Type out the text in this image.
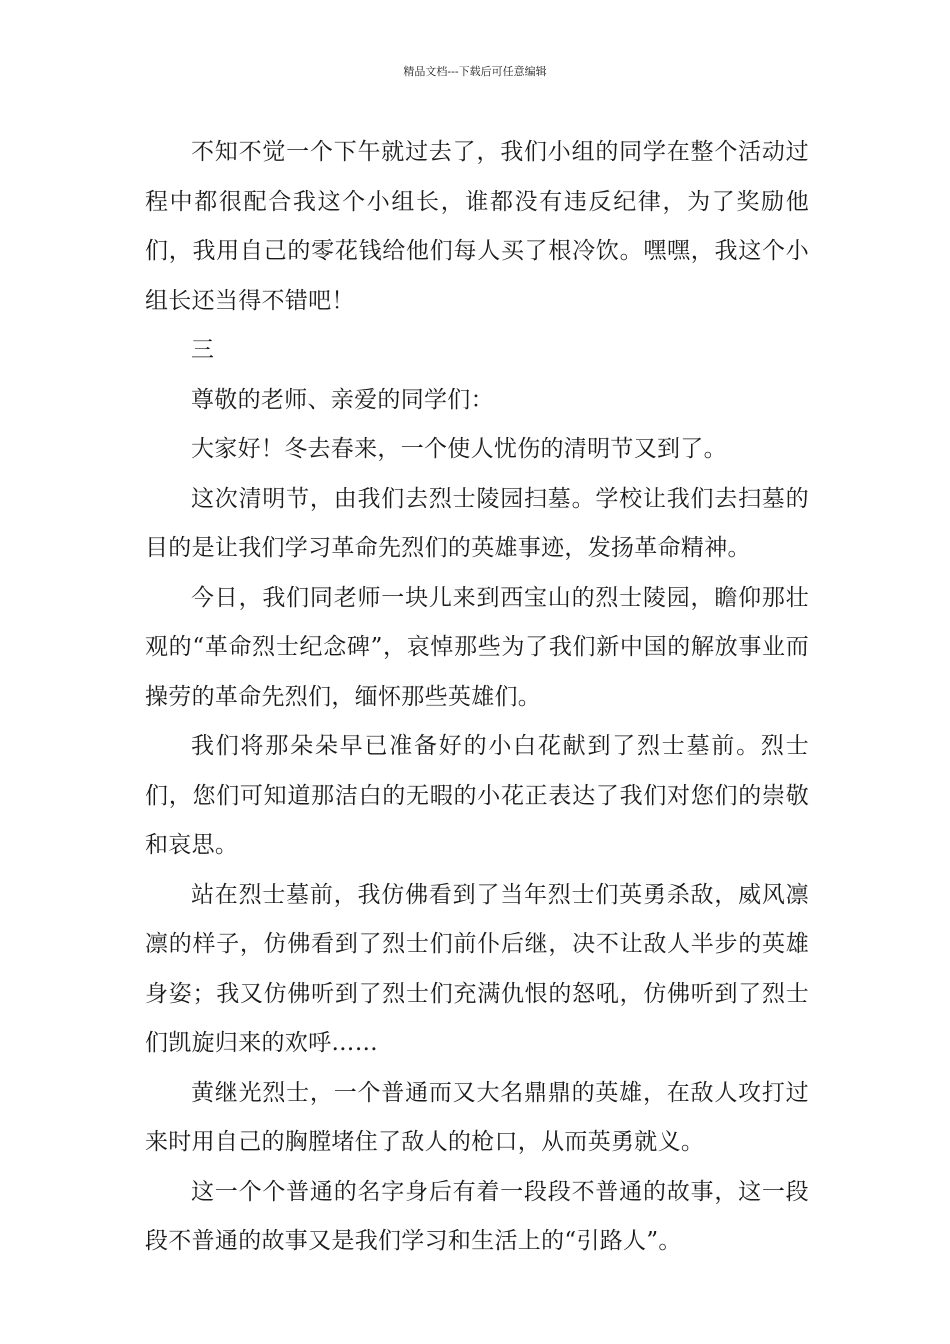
精品文档---下载后可任意编辑

不知不觉一个下午就过去了，我们小组的同学在整个活动过程中都很配合我这个小组长，谁都没有违反纪律，为了奖励他们，我用自己的零花钱给他们每人买了根冷饮。嘿嘿，我这个小组长还当得不错吧！

三

尊敬的老师、亲爱的同学们：

大家好！冬去春来，一个使人忧伤的清明节又到了。

这次清明节，由我们去烈士陵园扫墓。学校让我们去扫墓的目的是让我们学习革命先烈们的英雄事迹，发扬革命精神。

今日，我们同老师一块儿来到西宝山的烈士陵园，瞻仰那壮观的“革命烈士纪念碑”，哀悼那些为了我们新中国的解放事业而操劳的革命先烈们，缅怀那些英雄们。

我们将那朵朵早已准备好的小白花献到了烈士墓前。烈士们，您们可知道那洁白的无暇的小花正表达了我们对您们的崇敬和哀思。

站在烈士墓前，我仿佛看到了当年烈士们英勇杀敌，威风凛凛的样子，仿佛看到了烈士们前仆后继，决不让敌人半步的英雄身姿；我又仿佛听到了烈士们充满仇恨的怒吼，仿佛听到了烈士们凯旋归来的欢呼……

黄继光烈士，一个普通而又大名鼎鼎的英雄，在敌人攻打过来时用自己的胸膛堵住了敌人的枪口，从而英勇就义。

这一个个普通的名字身后有着一段段不普通的故事，这一段段不普通的故事又是我们学习和生活上的“引路人”。
